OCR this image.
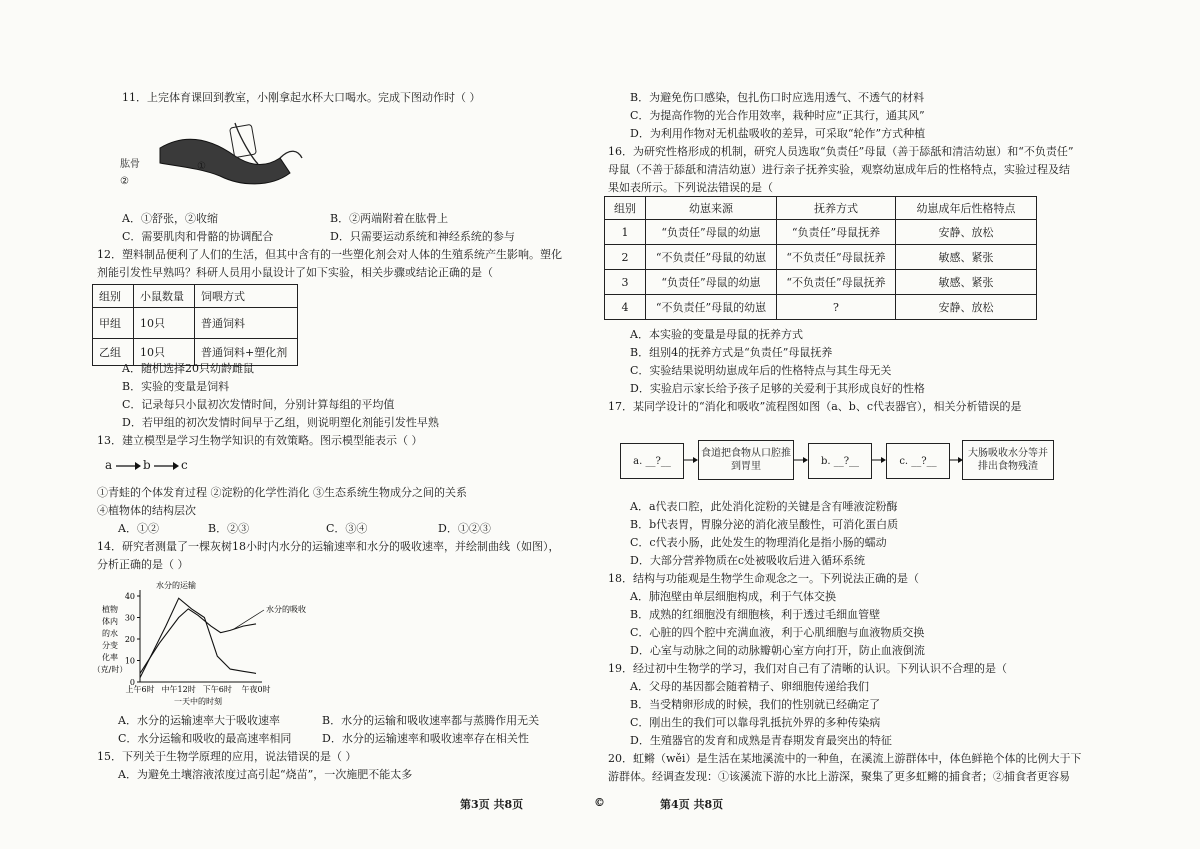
11．上完体育课回到教室，小刚拿起水杯大口喝水。完成下图动作时（ ）
肱骨	①
②
A．①舒张，②收缩	B．②两端附着在肱骨上
C．需要肌肉和骨骼的协调配合	D．只需要运动系统和神经系统的参与
12．塑料制品便利了人们的生活，但其中含有的一些塑化剂会对人体的生殖系统产生影响。塑化
剂能引发性早熟吗？科研人员用小鼠设计了如下实验，相关步骤或结论正确的是（
组别	小鼠数量	饲喂方式
甲组	10只	普通饲料
乙组	10只	普通饲料+塑化剂
A．随机选择20只幼龄雌鼠
B．实验的变量是饲料
C．记录每只小鼠初次发情时间，分别计算每组的平均值
D．若甲组的初次发情时间早于乙组，则说明塑化剂能引发性早熟
13．建立模型是学习生物学知识的有效策略。图示模型能表示（ ）
a	b	c
①青蛙的个体发育过程 ②淀粉的化学性消化 ③生态系统生物成分之间的关系
④植物体的结构层次
A．①②	B．②③	C．③④	D．①②③
14．研究者测量了一棵灰树18小时内水分的运输速率和水分的吸收速率，并绘制曲线（如图），
分析正确的是（ ）
0
10
20
30
40
上午6时 中午12时 下午6时 午夜0时
一天中的时刻
植物
体内
的水
分变
化率
（克/时）
水分的运输
水分的吸收
A．水分的运输速率大于吸收速率	B．水分的运输和吸收速率都与蒸腾作用无关
C．水分运输和吸收的最高速率相同	D．水分的运输速率和吸收速率存在相关性
15．下列关于生物学原理的应用，说法错误的是（ ）
A．为避免土壤溶液浓度过高引起“烧苗”，一次施肥不能太多
第3页 共8页	©
B．为避免伤口感染，包扎伤口时应选用透气、不透气的材料
C．为提高作物的光合作用效率，栽种时应“正其行，通其风”
D．为利用作物对无机盐吸收的差异，可采取“轮作”方式种植
16．为研究性格形成的机制，研究人员选取“负责任”母鼠（善于舔舐和清洁幼崽）和“不负责任”
母鼠（不善于舔舐和清洁幼崽）进行亲子抚养实验，观察幼崽成年后的性格特点，实验过程及结
果如表所示。下列说法错误的是（
组别	幼崽来源	抚养方式	幼崽成年后性格特点
1	“负责任”母鼠的幼崽	“负责任”母鼠抚养	安静、放松
2	“不负责任”母鼠的幼崽	“不负责任”母鼠抚养	敏感、紧张
3	“负责任”母鼠的幼崽	“不负责任”母鼠抚养	敏感、紧张
4	“不负责任”母鼠的幼崽	?	安静、放松
A．本实验的变量是母鼠的抚养方式
B．组别4的抚养方式是“负责任”母鼠抚养
C．实验结果说明幼崽成年后的性格特点与其生母无关
D．实验启示家长给予孩子足够的关爱利于其形成良好的性格
17．某同学设计的“消化和吸收”流程图如图（a、b、c代表器官），相关分析错误的是
a. __?__
食道把食物从口腔推到胃里	b. __?__	c. __?__
大肠吸收水分等并排出食物残渣
A．a代表口腔，此处消化淀粉的关键是含有唾液淀粉酶
B．b代表胃，胃腺分泌的消化液呈酸性，可消化蛋白质
C．c代表小肠，此处发生的物理消化是指小肠的蠕动
D．大部分营养物质在c处被吸收后进入循环系统
18．结构与功能观是生物学生命观念之一。下列说法正确的是（
A．肺泡壁由单层细胞构成，利于气体交换
B．成熟的红细胞没有细胞核，利于透过毛细血管壁
C．心脏的四个腔中充满血液，利于心肌细胞与血液物质交换
D．心室与动脉之间的动脉瓣朝心室方向打开，防止血液倒流
19．经过初中生物学的学习，我们对自己有了清晰的认识。下列认识不合理的是（
A．父母的基因都会随着精子、卵细胞传递给我们
B．当受精卵形成的时候，我们的性别就已经确定了
C．刚出生的我们可以靠母乳抵抗外界的多种传染病
D．生殖器官的发育和成熟是青春期发育最突出的特征
20．虹鳉（wěi）是生活在某地溪流中的一种鱼，在溪流上游群体中，体色鲜艳个体的比例大于下
游群体。经调查发现：①该溪流下游的水比上游深，聚集了更多虹鳉的捕食者；②捕食者更容易
第4页 共8页
